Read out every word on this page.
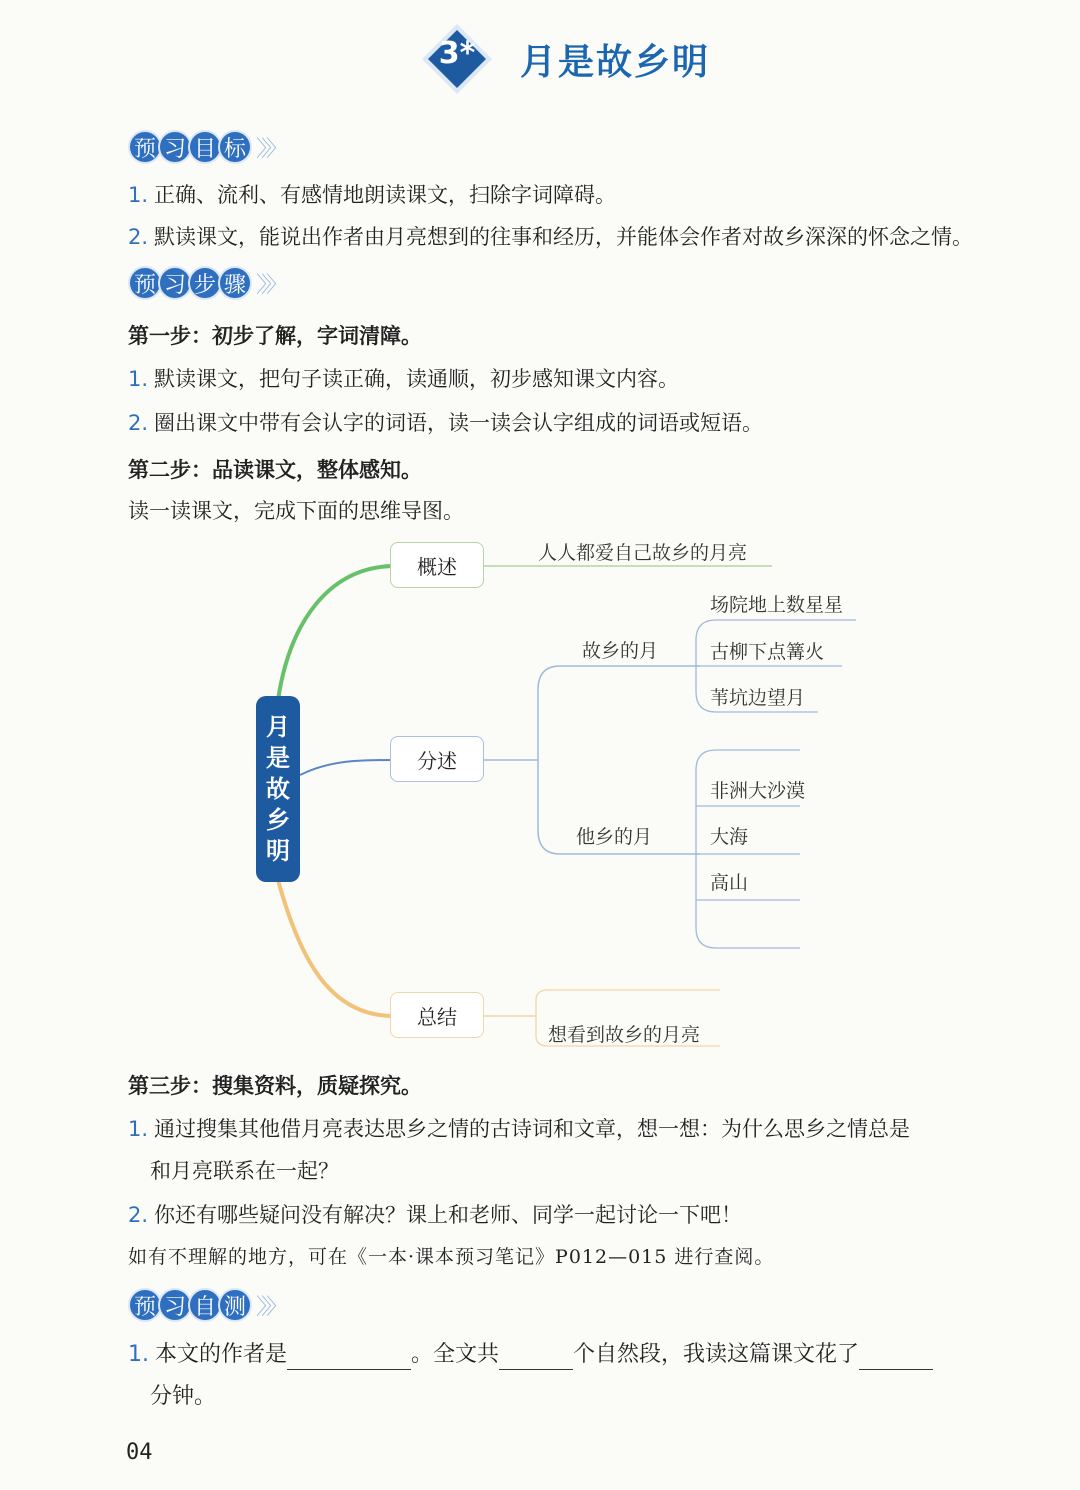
3*	月是故乡明
预 习 目 标 〉〉〉
1. 正确、流利、有感情地朗读课文，扫除字词障碍。
2. 默读课文，能说出作者由月亮想到的往事和经历，并能体会作者对故乡深深的怀念之情。
预 习 步 骤 〉〉〉
第一步：初步了解，字词清障。
1. 默读课文，把句子读正确，读通顺，初步感知课文内容。
2. 圈出课文中带有会认字的词语，读一读会认字组成的词语或短语。
第二步：品读课文，整体感知。
读一读课文，完成下面的思维导图。
月
是
故
乡
明
概述
人人都爱自己故乡的月亮
分述
故乡的月
场院地上数星星
古柳下点篝火
苇坑边望月
他乡的月
非洲大沙漠
大海
高山
总结
想看到故乡的月亮
第三步：搜集资料，质疑探究。
1. 通过搜集其他借月亮表达思乡之情的古诗词和文章，想一想：为什么思乡之情总是
和月亮联系在一起？
2. 你还有哪些疑问没有解决？课上和老师、同学一起讨论一下吧！
如有不理解的地方，可在《一本·课本预习笔记》P012—015 进行查阅。
预 习 自 测 〉〉〉
1. 本文的作者是	。全文共	个自然段，我读这篇课文花了
分钟。
04
